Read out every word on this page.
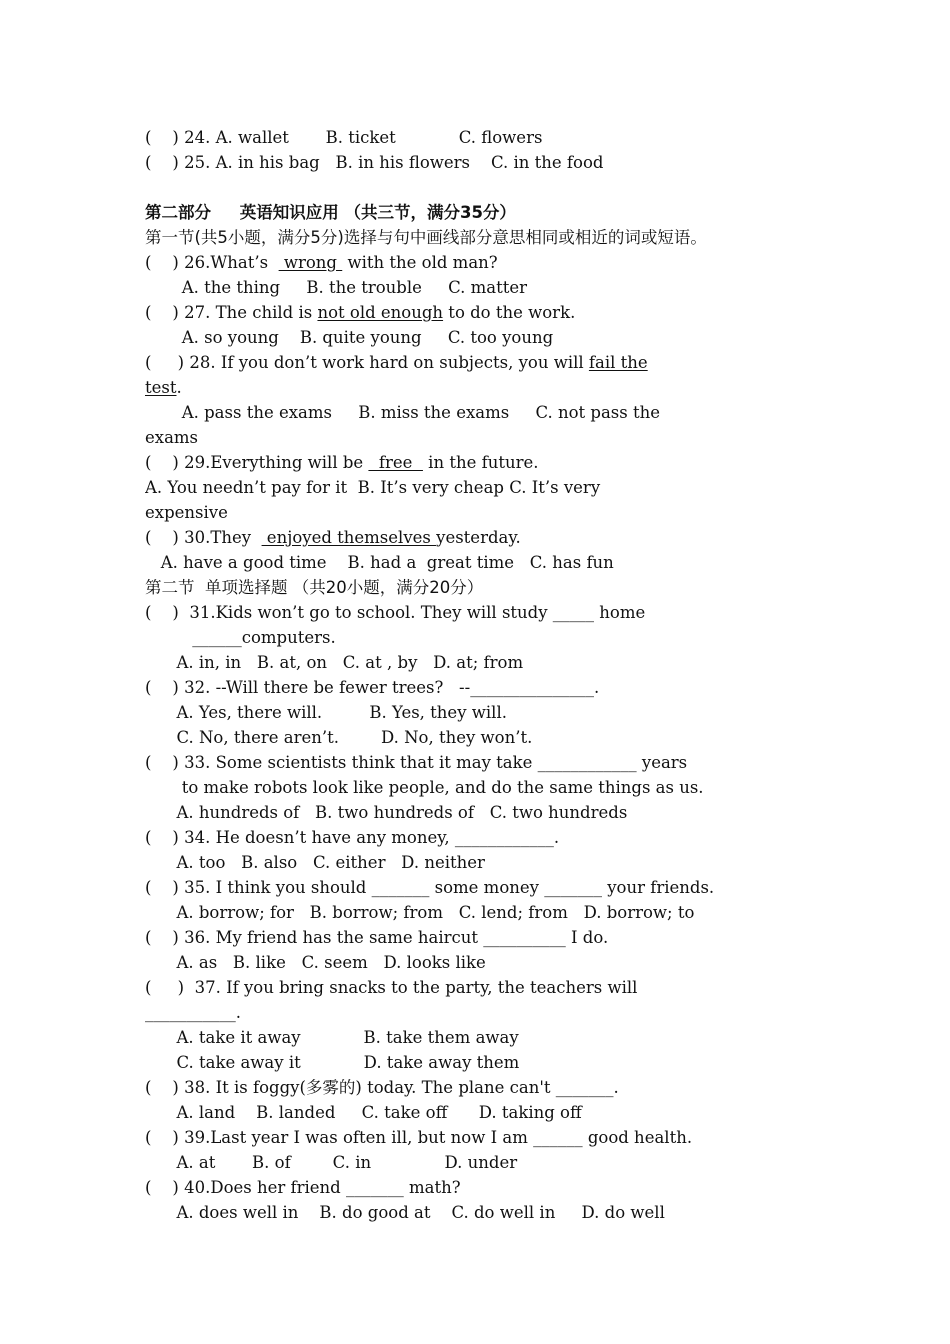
(    ) 24. A. wallet       B. ticket            C. flowers
(    ) 25. A. in his bag   B. in his flowers    C. in the food
第二部分     英语知识应用 （共三节，满分35分）
第一节(共5小题，满分5分)选择与句中画线部分意思相同或相近的词或短语。
(    ) 26.What’s   wrong  with the old man?
A. the thing     B. the trouble     C. matter
(    ) 27. The child is not old enough to do the work.
A. so young    B. quite young     C. too young
(     ) 28. If you don’t work hard on subjects, you will fail the
test.
A. pass the exams     B. miss the exams     C. not pass the
exams
(    ) 29.Everything will be   free   in the future.
A. You needn’t pay for it  B. It’s very cheap C. It’s very
expensive
(    ) 30.They   enjoyed themselves yesterday.
A. have a good time    B. had a  great time   C. has fun
第二节  单项选择题 （共20小题，满分20分）
(    )  31.Kids won’t go to school. They will study _____ home
______computers.
A. in, in   B. at, on   C. at , by   D. at; from
(    ) 32. --Will there be fewer trees?   --_______________.
A. Yes, there will.         B. Yes, they will.
C. No, there aren’t.        D. No, they won’t.
(    ) 33. Some scientists think that it may take ____________ years
to make robots look like people, and do the same things as us.
A. hundreds of   B. two hundreds of   C. two hundreds
(    ) 34. He doesn’t have any money, ____________.
A. too   B. also   C. either   D. neither
(    ) 35. I think you should _______ some money _______ your friends.
A. borrow; for   B. borrow; from   C. lend; from   D. borrow; to
(    ) 36. My friend has the same haircut __________ I do.
A. as   B. like   C. seem   D. looks like
(     )  37. If you bring snacks to the party, the teachers will
___________.
A. take it away            B. take them away
C. take away it            D. take away them
(    ) 38. It is foggy(多雾的) today. The plane can't _______.
A. land    B. landed     C. take off      D. taking off
(    ) 39.Last year I was often ill, but now I am ______ good health.
A. at       B. of        C. in              D. under
(    ) 40.Does her friend _______ math?
A. does well in    B. do good at    C. do well in     D. do well
